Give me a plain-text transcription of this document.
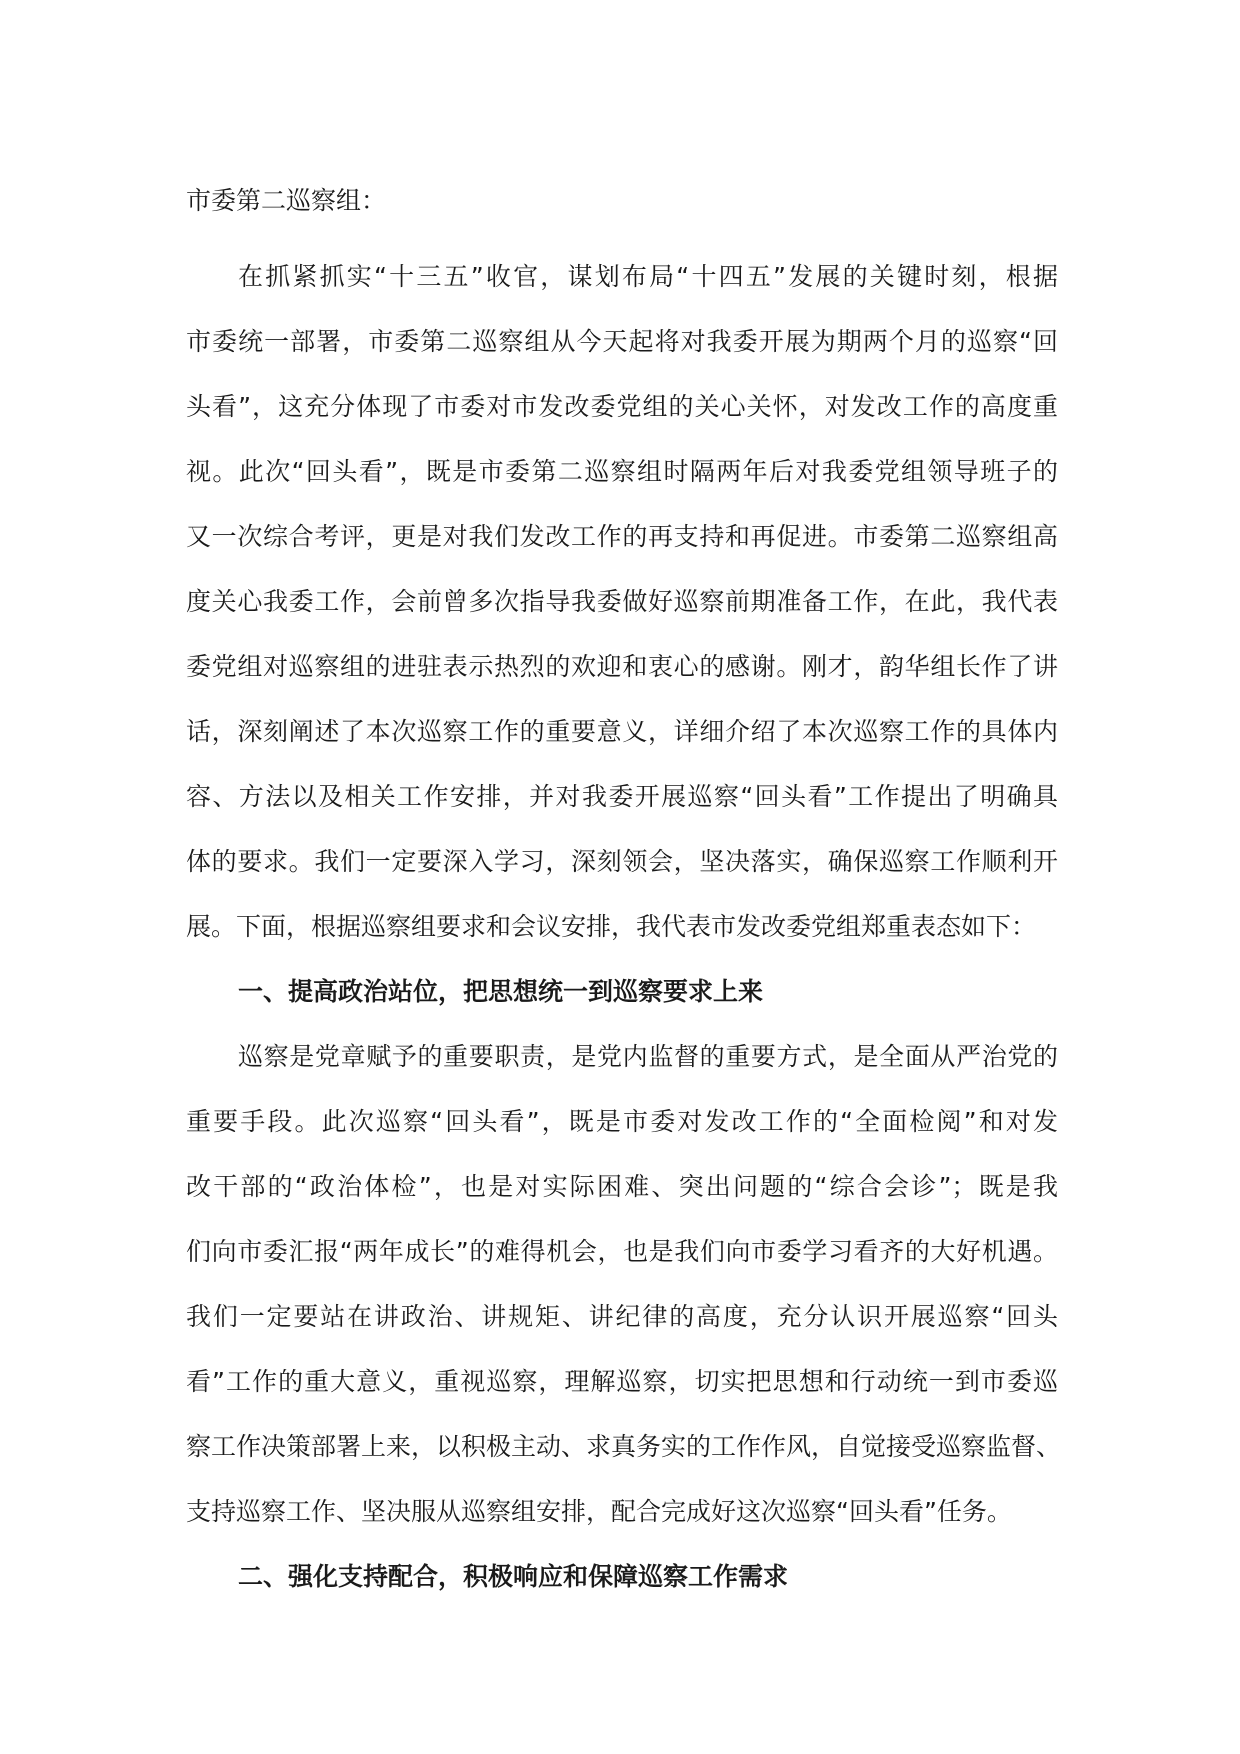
市委第二巡察组：
在抓紧抓实“十三五”收官，谋划布局“十四五”发展的关键时刻，根据
市委统一部署，市委第二巡察组从今天起将对我委开展为期两个月的巡察“回
头看”，这充分体现了市委对市发改委党组的关心关怀，对发改工作的高度重
视。此次“回头看”，既是市委第二巡察组时隔两年后对我委党组领导班子的
又一次综合考评，更是对我们发改工作的再支持和再促进。市委第二巡察组高
度关心我委工作，会前曾多次指导我委做好巡察前期准备工作，在此，我代表
委党组对巡察组的进驻表示热烈的欢迎和衷心的感谢。刚才，韵华组长作了讲
话，深刻阐述了本次巡察工作的重要意义，详细介绍了本次巡察工作的具体内
容、方法以及相关工作安排，并对我委开展巡察“回头看”工作提出了明确具
体的要求。我们一定要深入学习，深刻领会，坚决落实，确保巡察工作顺利开
展。下面，根据巡察组要求和会议安排，我代表市发改委党组郑重表态如下：
一、提高政治站位，把思想统一到巡察要求上来
巡察是党章赋予的重要职责，是党内监督的重要方式，是全面从严治党的
重要手段。此次巡察“回头看”，既是市委对发改工作的“全面检阅”和对发
改干部的“政治体检”，也是对实际困难、突出问题的“综合会诊”；既是我
们向市委汇报“两年成长”的难得机会，也是我们向市委学习看齐的大好机遇。
我们一定要站在讲政治、讲规矩、讲纪律的高度，充分认识开展巡察“回头
看”工作的重大意义，重视巡察，理解巡察，切实把思想和行动统一到市委巡
察工作决策部署上来，以积极主动、求真务实的工作作风，自觉接受巡察监督、
支持巡察工作、坚决服从巡察组安排，配合完成好这次巡察“回头看”任务。
二、强化支持配合，积极响应和保障巡察工作需求
